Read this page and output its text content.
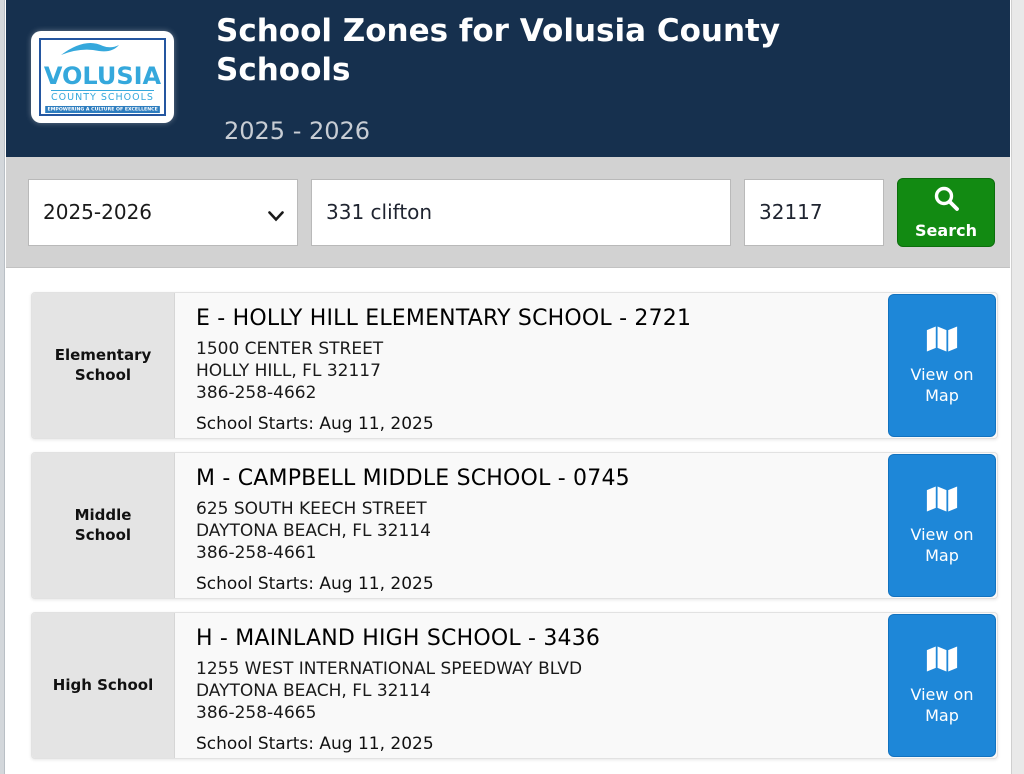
VOLUSIA
COUNTY SCHOOLS
EMPOWERING A CULTURE OF EXCELLENCE
School Zones for Volusia County Schools
2025 - 2026
2025-2026
331 clifton
32117
Search
Elementary School
E - HOLLY HILL ELEMENTARY SCHOOL - 2721
1500 CENTER STREET
HOLLY HILL, FL 32117
386-258-4662
School Starts: Aug 11, 2025
View on Map
Middle School
M - CAMPBELL MIDDLE SCHOOL - 0745
625 SOUTH KEECH STREET
DAYTONA BEACH, FL 32114
386-258-4661
School Starts: Aug 11, 2025
View on Map
High School
H - MAINLAND HIGH SCHOOL - 3436
1255 WEST INTERNATIONAL SPEEDWAY BLVD
DAYTONA BEACH, FL 32114
386-258-4665
School Starts: Aug 11, 2025
View on Map
